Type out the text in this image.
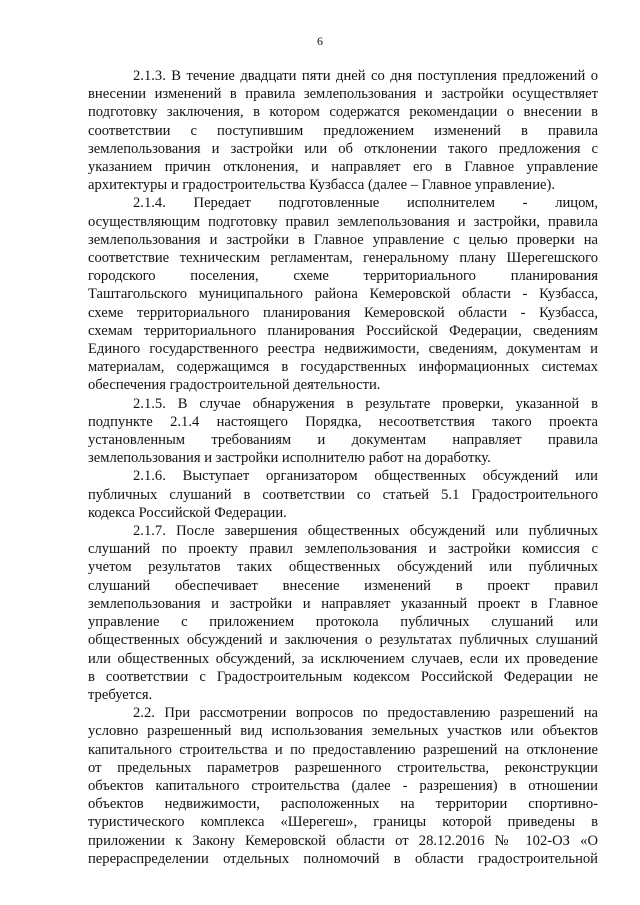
6

2.1.3. В течение двадцати пяти дней со дня поступления предложений о
внесении изменений в правила землепользования и застройки осуществляет
подготовку заключения, в котором содержатся рекомендации о внесении в
соответствии с поступившим предложением изменений в правила
землепользования и застройки или об отклонении такого предложения с
указанием причин отклонения, и направляет его в Главное управление
архитектуры и градостроительства Кузбасса (далее – Главное управление).

2.1.4. Передает подготовленные исполнителем - лицом,
осуществляющим подготовку правил землепользования и застройки, правила
землепользования и застройки в Главное управление с целью проверки на
соответствие техническим регламентам, генеральному плану Шерегешского
городского поселения, схеме территориального планирования
Таштагольского муниципального района Кемеровской области - Кузбасса,
схеме территориального планирования Кемеровской области - Кузбасса,
схемам территориального планирования Российской Федерации, сведениям
Единого государственного реестра недвижимости, сведениям, документам и
материалам, содержащимся в государственных информационных системах
обеспечения градостроительной деятельности.

2.1.5. В случае обнаружения в результате проверки, указанной в
подпункте 2.1.4 настоящего Порядка, несоответствия такого проекта
установленным требованиям и документам направляет правила
землепользования и застройки исполнителю работ на доработку.

2.1.6. Выступает организатором общественных обсуждений или
публичных слушаний в соответствии со статьей 5.1 Градостроительного
кодекса Российской Федерации.

2.1.7. После завершения общественных обсуждений или публичных
слушаний по проекту правил землепользования и застройки комиссия с
учетом результатов таких общественных обсуждений или публичных
слушаний обеспечивает внесение изменений в проект правил
землепользования и застройки и направляет указанный проект в Главное
управление с приложением протокола публичных слушаний или
общественных обсуждений и заключения о результатах публичных слушаний
или общественных обсуждений, за исключением случаев, если их проведение
в соответствии с Градостроительным кодексом Российской Федерации не
требуется.

2.2. При рассмотрении вопросов по предоставлению разрешений на
условно разрешенный вид использования земельных участков или объектов
капитального строительства и по предоставлению разрешений на отклонение
от предельных параметров разрешенного строительства, реконструкции
объектов капитального строительства (далее - разрешения) в отношении
объектов недвижимости, расположенных на территории спортивно-
туристического комплекса «Шерегеш», границы которой приведены в
приложении к Закону Кемеровской области от 28.12.2016 № 102-ОЗ «О
перераспределении отдельных полномочий в области градостроительной
